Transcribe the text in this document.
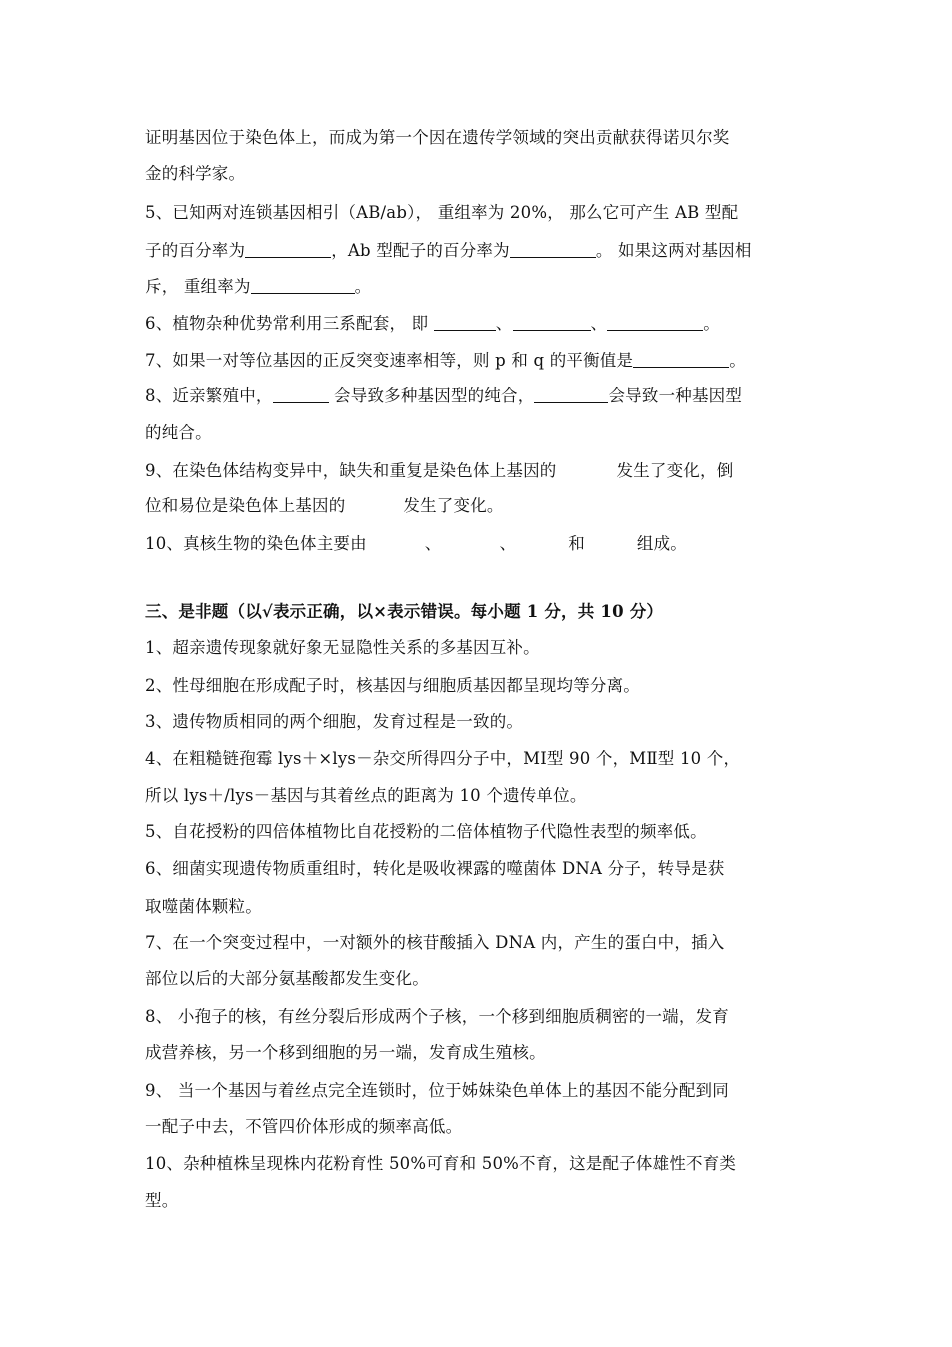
证明基因位于染色体上，而成为第一个因在遗传学领域的突出贡献获得诺贝尔奖
金的科学家。
5、已知两对连锁基因相引（AB/ab）， 重组率为 20%， 那么它可产生 AB 型配
子的百分率为	，Ab 型配子的百分率为	。 如果这两对基因相
斥， 重组率为	。
6、植物杂种优势常利用三系配套， 即	、	、	。
7、如果一对等位基因的正反突变速率相等，则 p 和 q 的平衡值是	。
8、近亲繁殖中，	会导致多种基因型的纯合，	会导致一种基因型
的纯合。
9、在染色体结构变异中，缺失和重复是染色体上基因的	发生了变化，倒
位和易位是染色体上基因的	发生了变化。
10、真核生物的染色体主要由	、	、	和	组成。
三、是非题（以√表示正确，以×表示错误。每小题 1 分，共 10 分）
1、超亲遗传现象就好象无显隐性关系的多基因互补。
2、性母细胞在形成配子时，核基因与细胞质基因都呈现均等分离。
3、遗传物质相同的两个细胞，发育过程是一致的。
4、在粗糙链孢霉 lys＋×lys－杂交所得四分子中，MⅠ型 90 个，MⅡ型 10 个，
所以 lys＋/lys－基因与其着丝点的距离为 10 个遗传单位。
5、自花授粉的四倍体植物比自花授粉的二倍体植物子代隐性表型的频率低。
6、细菌实现遗传物质重组时，转化是吸收裸露的噬菌体 DNA 分子，转导是获
取噬菌体颗粒。
7、在一个突变过程中，一对额外的核苷酸插入 DNA 内，产生的蛋白中，插入
部位以后的大部分氨基酸都发生变化。
8、 小孢子的核，有丝分裂后形成两个子核，一个移到细胞质稠密的一端，发育
成营养核，另一个移到细胞的另一端，发育成生殖核。
9、 当一个基因与着丝点完全连锁时，位于姊妹染色单体上的基因不能分配到同
一配子中去，不管四价体形成的频率高低。
10、杂种植株呈现株内花粉育性 50%可育和 50%不育，这是配子体雄性不育类
型。
